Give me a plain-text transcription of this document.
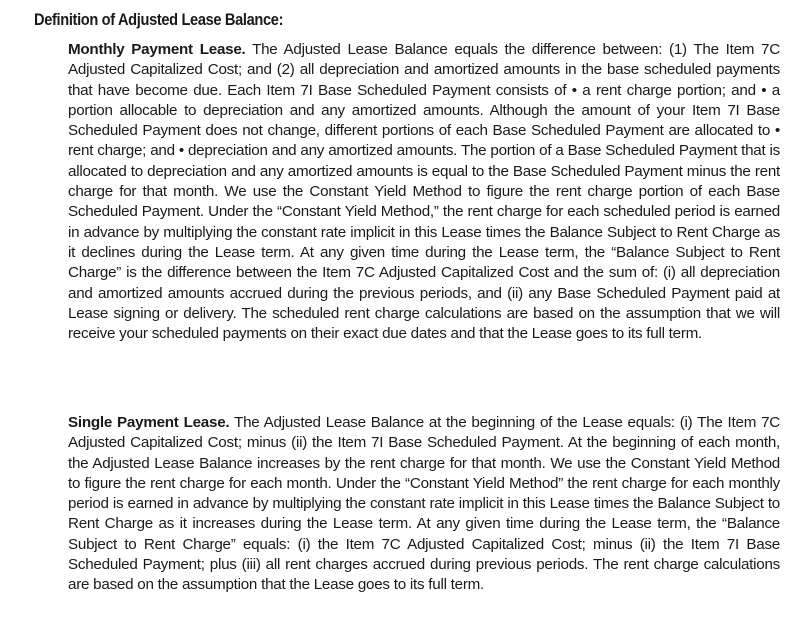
Definition of Adjusted Lease Balance:

Monthly Payment Lease. The Adjusted Lease Balance equals the difference between: (1) The Item 7C Adjusted Capitalized Cost; and (2) all depreciation and amortized amounts in the base scheduled payments that have become due. Each Item 7I Base Scheduled Payment consists of • a rent charge portion; and • a portion allocable to depreciation and any amortized amounts. Although the amount of your Item 7I Base Scheduled Payment does not change, different portions of each Base Scheduled Payment are allocated to • rent charge; and • depreciation and any amortized amounts. The portion of a Base Scheduled Payment that is allocated to depreciation and any amortized amounts is equal to the Base Scheduled Payment minus the rent charge for that month. We use the Constant Yield Method to figure the rent charge portion of each Base Scheduled Payment. Under the “Constant Yield Method,” the rent charge for each scheduled period is earned in advance by multiplying the constant rate implicit in this Lease times the Balance Subject to Rent Charge as it declines during the Lease term. At any given time during the Lease term, the “Balance Subject to Rent Charge” is the difference between the Item 7C Adjusted Capitalized Cost and the sum of: (i) all depreciation and amortized amounts accrued during the previous periods, and (ii) any Base Scheduled Payment paid at Lease signing or delivery. The scheduled rent charge calculations are based on the assumption that we will receive your scheduled payments on their exact due dates and that the Lease goes to its full term.

Single Payment Lease. The Adjusted Lease Balance at the beginning of the Lease equals: (i) The Item 7C Adjusted Capitalized Cost; minus (ii) the Item 7I Base Scheduled Payment. At the beginning of each month, the Adjusted Lease Balance increases by the rent charge for that month. We use the Constant Yield Method to figure the rent charge for each month. Under the “Constant Yield Method” the rent charge for each monthly period is earned in advance by multiplying the constant rate implicit in this Lease times the Balance Subject to Rent Charge as it increases during the Lease term. At any given time during the Lease term, the “Balance Subject to Rent Charge” equals: (i) the Item 7C Adjusted Capitalized Cost; minus (ii) the Item 7I Base Scheduled Payment; plus (iii) all rent charges accrued during previous periods. The rent charge calculations are based on the assumption that the Lease goes to its full term.
